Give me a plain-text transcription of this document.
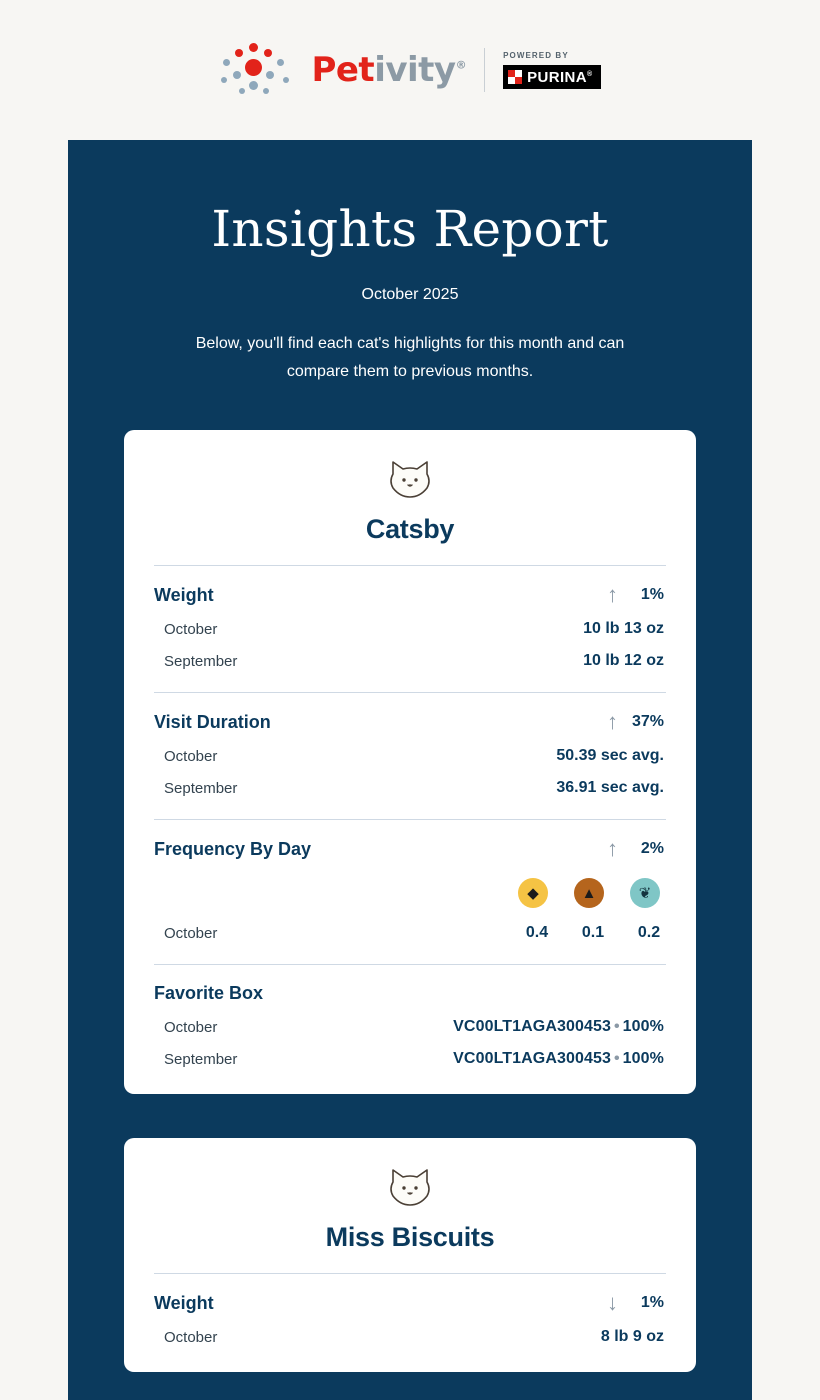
Petivity®
POWERED BY
PURINA®
Insights Report
October 2025
Below, you'll find each cat's highlights for this month and can compare them to previous months.
Catsby
Weight	↑	1%
October	10 lb 13 oz
September	10 lb 12 oz
Visit Duration	↑ 37%
October	50.39 sec avg.
September	36.91 sec avg.
Frequency By Day	↑	2%
◆	▲	❦
October	0.4 0.1 0.2
Favorite Box
October	VC00LT1AGA300453 • 100%
September	VC00LT1AGA300453 • 100%
Miss Biscuits
Weight	↓	1%
October	8 lb 9 oz
